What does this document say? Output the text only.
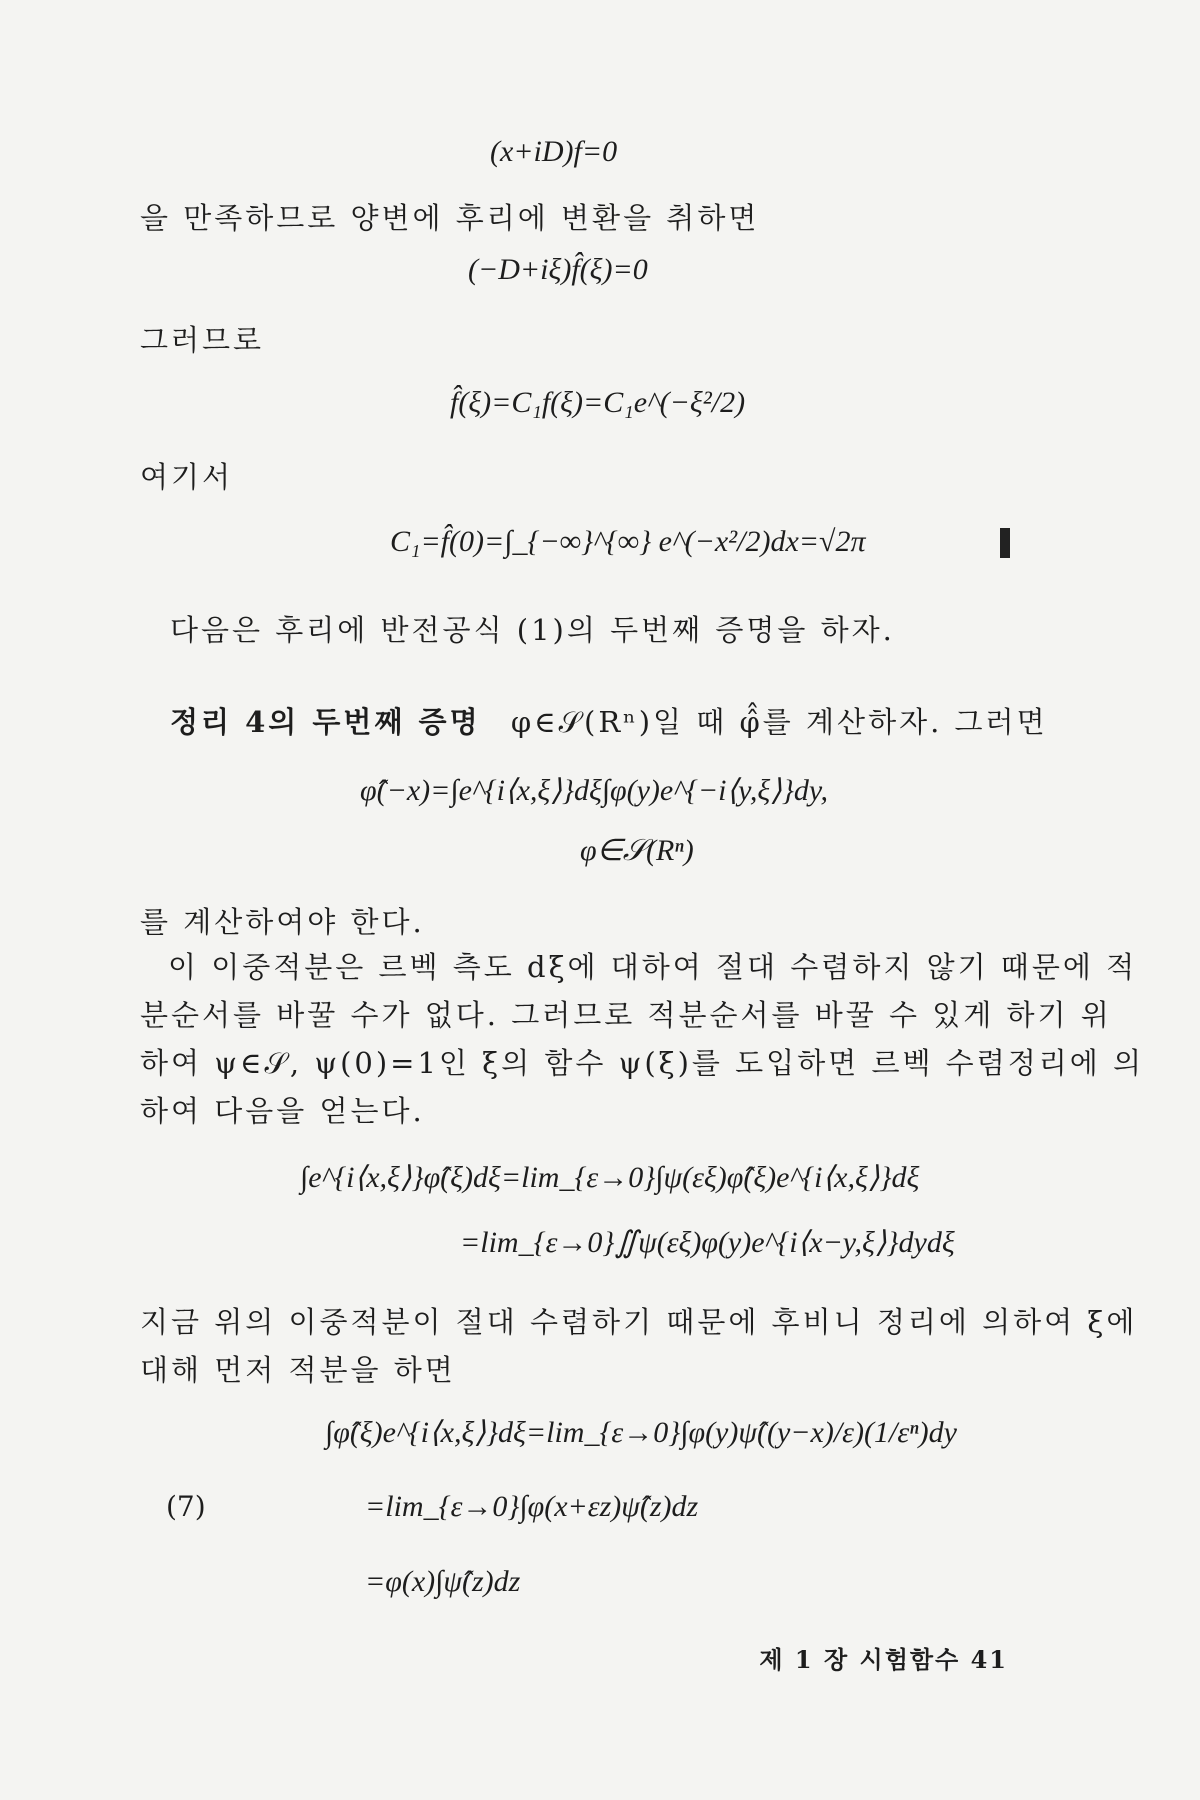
(x+iD)f=0
을 만족하므로 양변에 후리에 변환을 취하면
(−D+iξ)f̂(ξ)=0
그러므로
f̂(ξ)=C₁f(ξ)=C₁e^(−ξ²/2)
여기서
C₁=f̂(0)=∫_{−∞}^{∞} e^(−x²/2)dx=√2π
다음은 후리에 반전공식 (1)의 두번째 증명을 하자.
정리 4의 두번째 증명 φ∈𝒮(Rⁿ)일 때 φ̂̂를 계산하자. 그러면
φ̂̂(−x)=∫e^{i⟨x,ξ⟩}dξ∫φ(y)e^{−i⟨y,ξ⟩}dy,
φ∈𝒮(Rⁿ)
를 계산하여야 한다.
이 이중적분은 르벡 측도 dξ에 대하여 절대 수렴하지 않기 때문에 적
분순서를 바꿀 수가 없다. 그러므로 적분순서를 바꿀 수 있게 하기 위
하여 ψ∈𝒮, ψ(0)=1인 ξ의 함수 ψ(ξ)를 도입하면 르벡 수렴정리에 의
하여 다음을 얻는다.
∫e^{i⟨x,ξ⟩}φ̂(ξ)dξ=lim_{ε→0}∫ψ(εξ)φ̂(ξ)e^{i⟨x,ξ⟩}dξ
=lim_{ε→0}∬ψ(εξ)φ(y)e^{i⟨x−y,ξ⟩}dydξ
지금 위의 이중적분이 절대 수렴하기 때문에 후비니 정리에 의하여 ξ에
대해 먼저 적분을 하면
∫φ̂(ξ)e^{i⟨x,ξ⟩}dξ=lim_{ε→0}∫φ(y)ψ̂((y−x)/ε)(1/εⁿ)dy
(7)	=lim_{ε→0}∫φ(x+εz)ψ̂(z)dz
=φ(x)∫ψ̂(z)dz
제 1 장 시험함수 41
